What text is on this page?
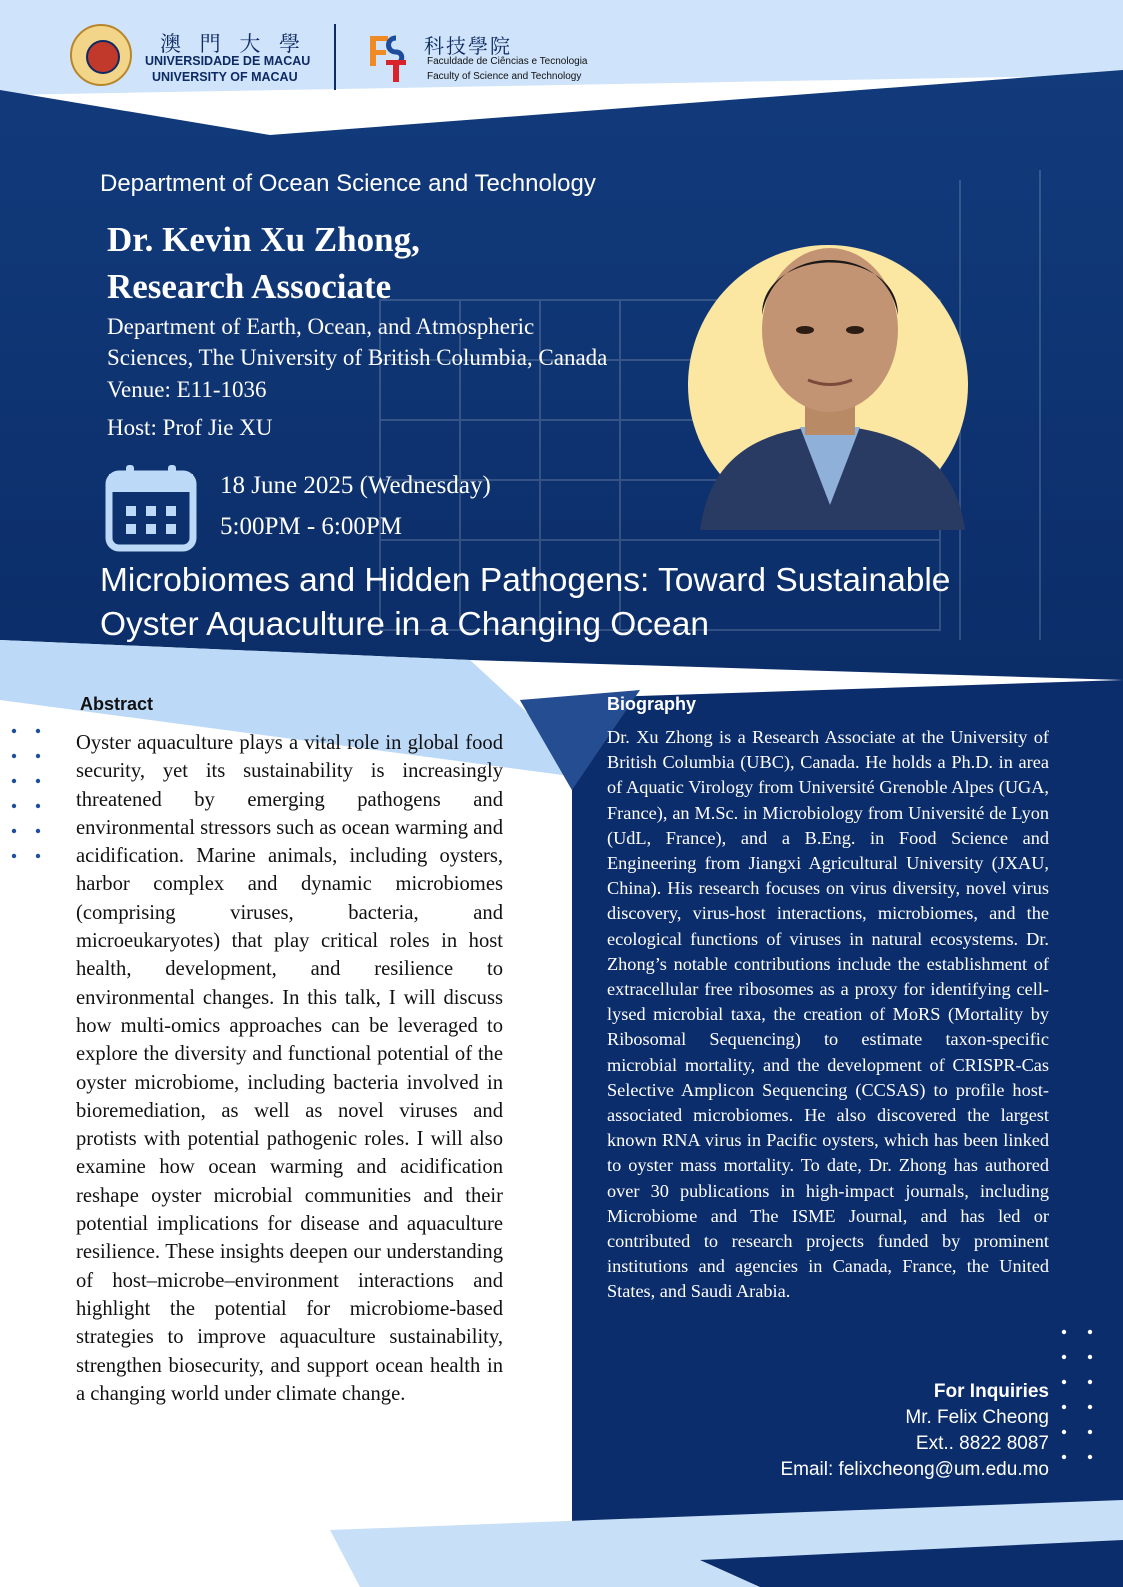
澳 門 大 學
UNIVERSIDADE DE MACAU
UNIVERSITY OF MACAU
科技學院
Faculdade de Ciências e Tecnologia
Faculty of Science and Technology
Department of Ocean Science and Technology
Dr. Kevin Xu Zhong,
Research Associate
Department of Earth, Ocean, and Atmospheric
Sciences, The University of British Columbia, Canada
Venue: E11-1036
Host: Prof Jie XU
18 June 2025 (Wednesday)
5:00PM - 6:00PM
Microbiomes and Hidden Pathogens: Toward Sustainable
Oyster Aquaculture in a Changing Ocean
Abstract

Oyster aquaculture plays a vital role in global food security, yet its sustainability is increasingly threatened by emerging pathogens and environmental stressors such as ocean warming and acidification. Marine animals, including oysters, harbor complex and dynamic microbiomes (comprising viruses, bacteria, and microeukaryotes) that play critical roles in host health, development, and resilience to environmental changes. In this talk, I will discuss how multi-omics approaches can be leveraged to explore the diversity and functional potential of the oyster microbiome, including bacteria involved in bioremediation, as well as novel viruses and protists with potential pathogenic roles. I will also examine how ocean warming and acidification reshape oyster microbial communities and their potential implications for disease and aquaculture resilience. These insights deepen our understanding of host–microbe–environment interactions and highlight the potential for microbiome-based strategies to improve aquaculture sustainability, strengthen biosecurity, and support ocean health in a changing world under climate change.

Biography

Dr. Xu Zhong is a Research Associate at the University of British Columbia (UBC), Canada. He holds a Ph.D. in area of Aquatic Virology from Université Grenoble Alpes (UGA, France), an M.Sc. in Microbiology from Université de Lyon (UdL, France), and a B.Eng. in Food Science and Engineering from Jiangxi Agricultural University (JXAU, China). His research focuses on virus diversity, novel virus discovery, virus-host interactions, microbiomes, and the ecological functions of viruses in natural ecosystems. Dr. Zhong’s notable contributions include the establishment of extracellular free ribosomes as a proxy for identifying cell-lysed microbial taxa, the creation of MoRS (Mortality by Ribosomal Sequencing) to estimate taxon-specific microbial mortality, and the development of CRISPR-Cas Selective Amplicon Sequencing (CCSAS) to profile host-associated microbiomes. He also discovered the largest known RNA virus in Pacific oysters, which has been linked to oyster mass mortality. To date, Dr. Zhong has authored over 30 publications in high-impact journals, including Microbiome and The ISME Journal, and has led or contributed to research projects funded by prominent institutions and agencies in Canada, France, the United States, and Saudi Arabia.

For Inquiries
Mr. Felix Cheong
Ext.. 8822 8087
Email: felixcheong@um.edu.mo
